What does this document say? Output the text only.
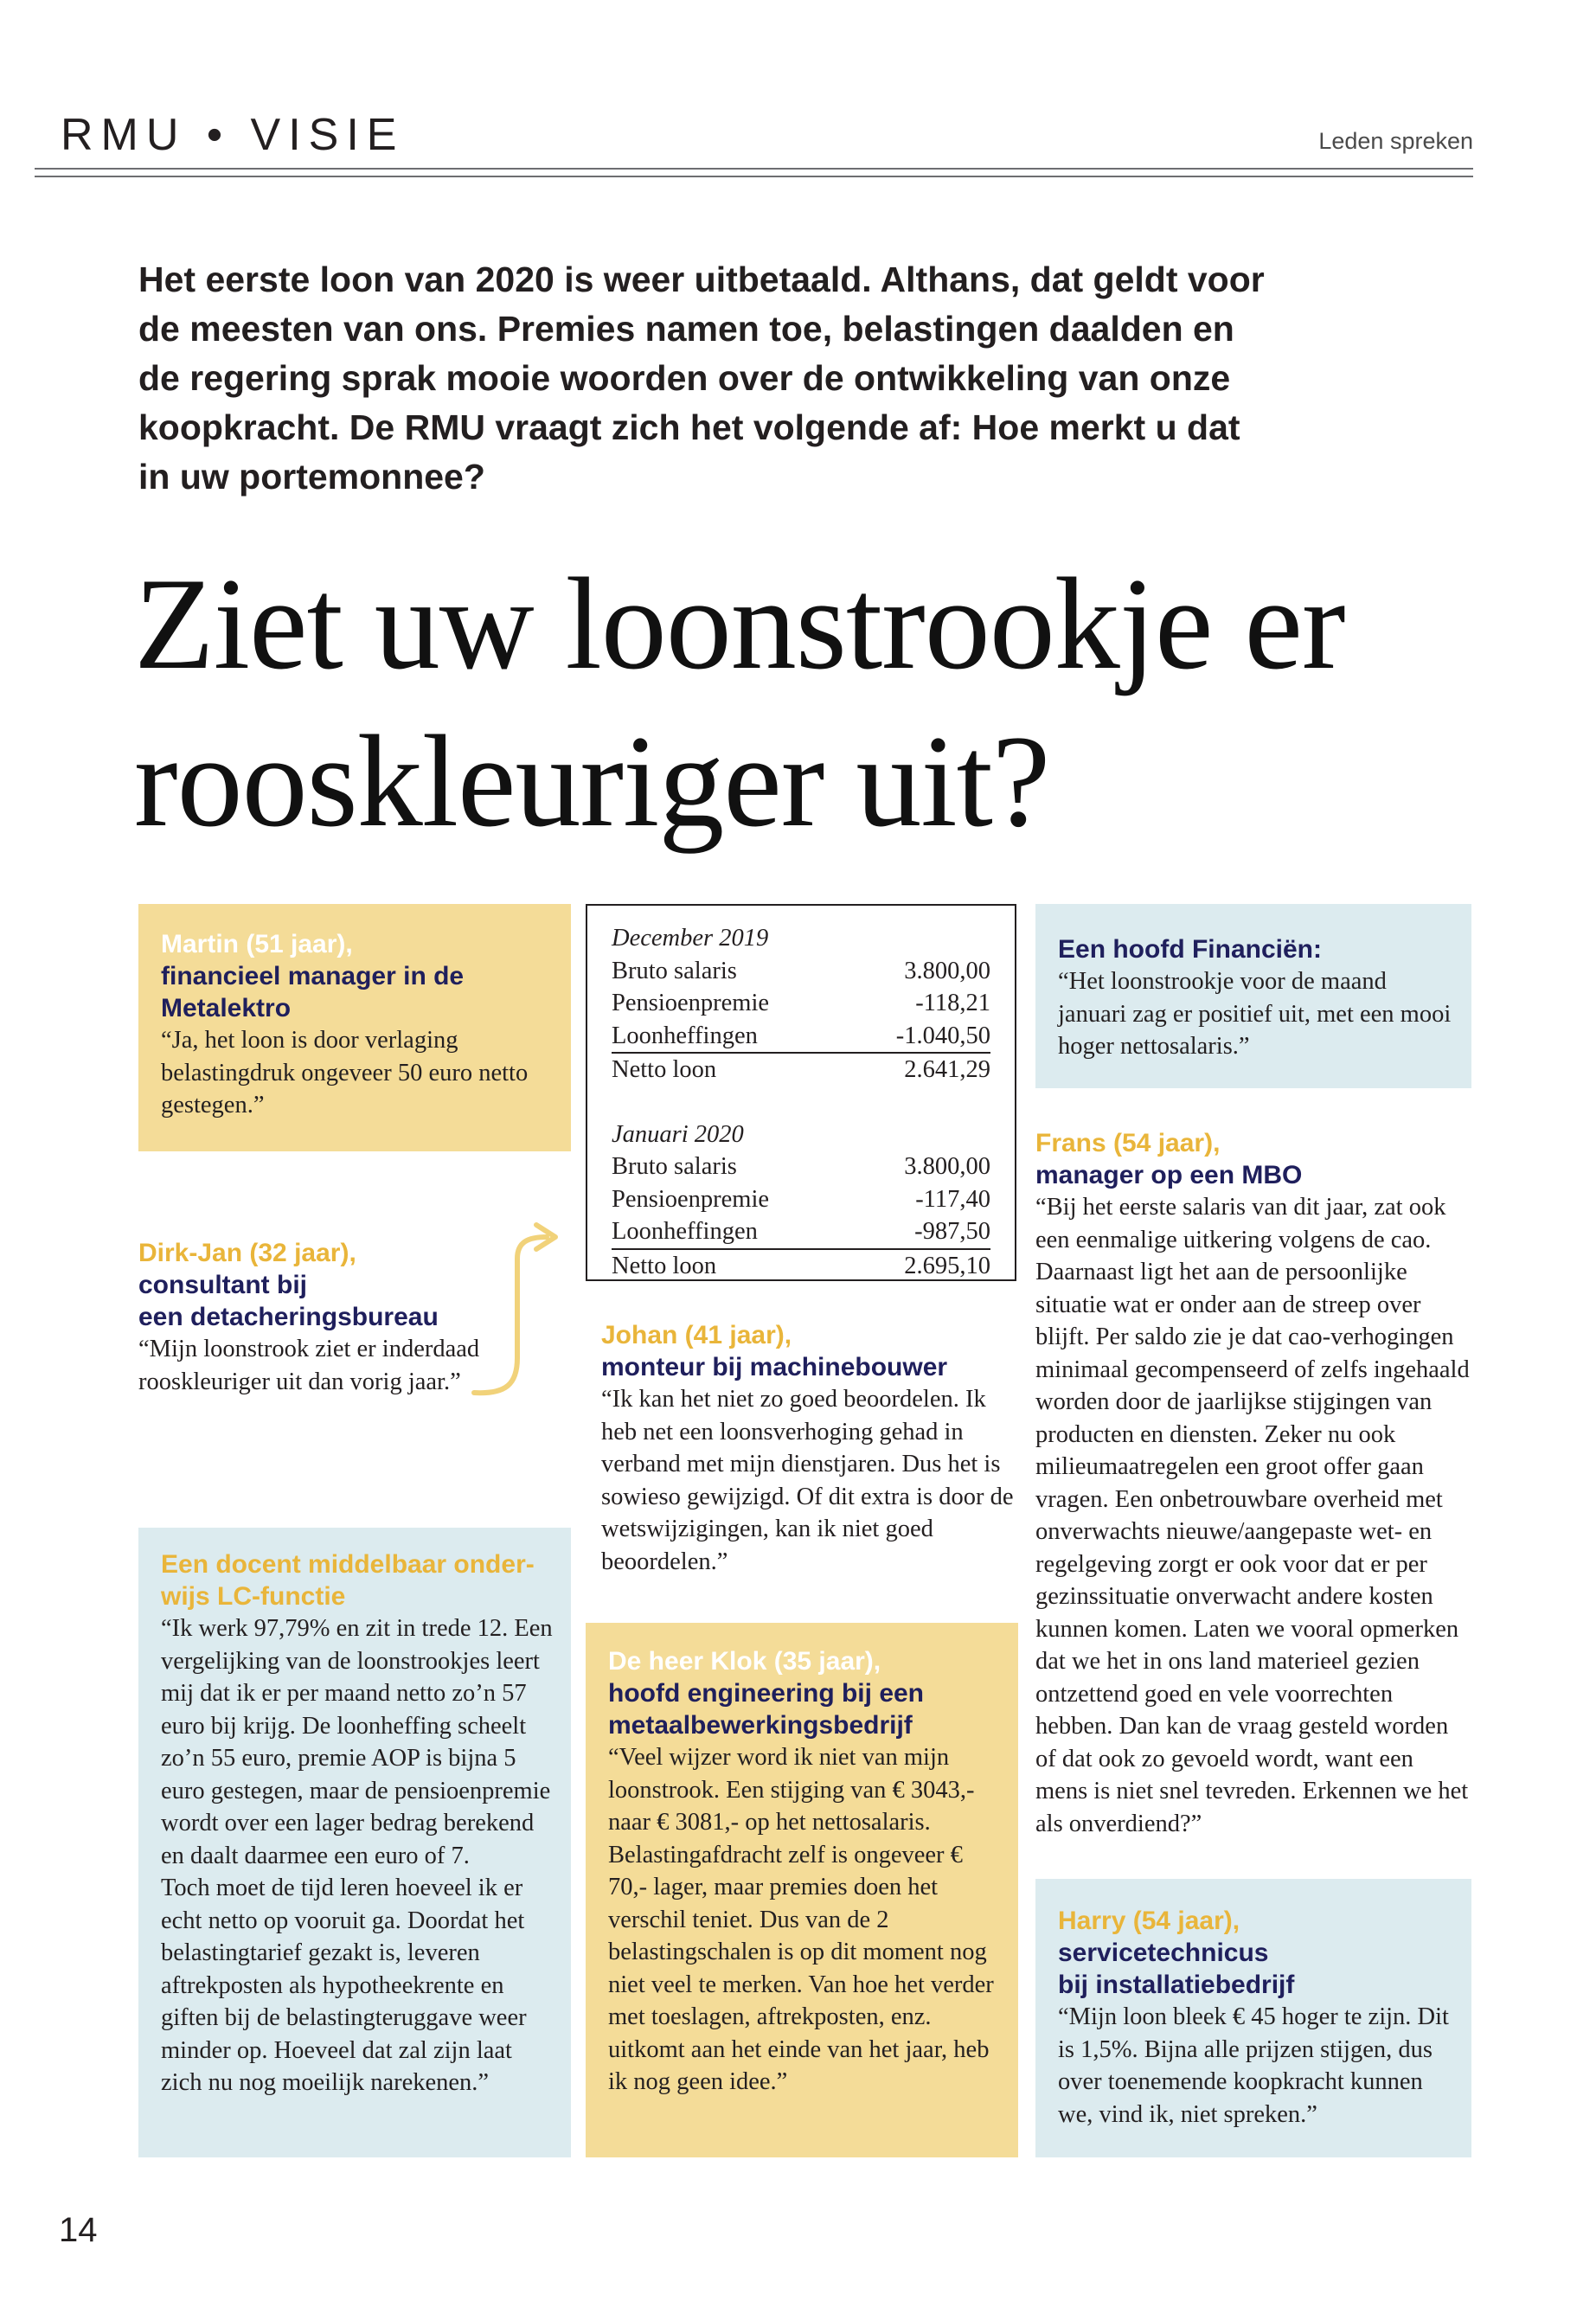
RMU • VISIE	Leden spreken
Het eerste loon van 2020 is weer uitbetaald. Althans, dat geldt voor de meesten van ons. Premies namen toe, belastingen daalden en de regering sprak mooie woorden over de ontwikkeling van onze koopkracht. De RMU vraagt zich het volgende af: Hoe merkt u dat in uw portemonnee?
Ziet uw loonstrookje er
rooskleuriger uit?
Martin (51 jaar),
financieel manager in de
Metalektro
“Ja, het loon is door verlaging belastingdruk ongeveer 50 euro netto gestegen.”
Dirk-Jan (32 jaar),
consultant bij
een detacheringsbureau
“Mijn loonstrook ziet er inderdaad rooskleuriger uit dan vorig jaar.”
Een docent middelbaar onder-
wijs LC-functie
“Ik werk 97,79% en zit in trede 12. Een vergelijking van de loonstrookjes leert mij dat ik er per maand netto zo’n 57 euro bij krijg. De loonheffing scheelt zo’n 55 euro, premie AOP is bijna 5 euro gestegen, maar de pensioenpremie wordt over een lager bedrag berekend en daalt daarmee een euro of 7.
Toch moet de tijd leren hoeveel ik er echt netto op vooruit ga. Doordat het belastingtarief gezakt is, leveren aftrekposten als hypotheekrente en giften bij de belastingteruggave weer minder op. Hoeveel dat zal zijn laat zich nu nog moeilijk narekenen.”
December 2019
Bruto salaris	3.800,00
Pensioenpremie	-118,21
Loonheffingen	-1.040,50
Netto loon	2.641,29
Januari 2020
Bruto salaris	3.800,00
Pensioenpremie	-117,40
Loonheffingen	-987,50
Netto loon	2.695,10
Johan (41 jaar),
monteur bij machinebouwer
“Ik kan het niet zo goed beoordelen. Ik heb net een loonsverhoging gehad in verband met mijn dienstjaren. Dus het is sowieso gewijzigd. Of dit extra is door de wetswijzigingen, kan ik niet goed beoordelen.”
De heer Klok (35 jaar),
hoofd engineering bij een
metaalbewerkingsbedrijf
“Veel wijzer word ik niet van mijn loonstrook. Een stijging van € 3043,- naar € 3081,- op het nettosalaris. Belastingafdracht zelf is ongeveer € 70,- lager, maar premies doen het verschil teniet. Dus van de 2 belastingschalen is op dit moment nog niet veel te merken. Van hoe het verder met toeslagen, aftrekposten, enz. uitkomt aan het einde van het jaar, heb ik nog geen idee.”
Een hoofd Financiën:
“Het loonstrookje voor de maand januari zag er positief uit, met een mooi hoger nettosalaris.”
Frans (54 jaar),
manager op een MBO
“Bij het eerste salaris van dit jaar, zat ook een eenmalige uitkering volgens de cao. Daarnaast ligt het aan de persoonlijke situatie wat er onder aan de streep over blijft. Per saldo zie je dat cao-verhogingen minimaal gecompenseerd of zelfs ingehaald worden door de jaarlijkse stijgingen van producten en diensten. Zeker nu ook milieumaatregelen een groot offer gaan vragen. Een onbetrouwbare overheid met onverwachts nieuwe/aangepaste wet- en regelgeving zorgt er ook voor dat er per gezinssituatie onverwacht andere kosten kunnen komen. Laten we vooral opmerken dat we het in ons land materieel gezien ontzettend goed en vele voorrechten hebben. Dan kan de vraag gesteld worden of dat ook zo gevoeld wordt, want een mens is niet snel tevreden. Erkennen we het als onverdiend?”
Harry (54 jaar),
servicetechnicus
bij installatiebedrijf
“Mijn loon bleek € 45 hoger te zijn. Dit is 1,5%. Bijna alle prijzen stijgen, dus over toenemende koopkracht kunnen we, vind ik, niet spreken.”
14
